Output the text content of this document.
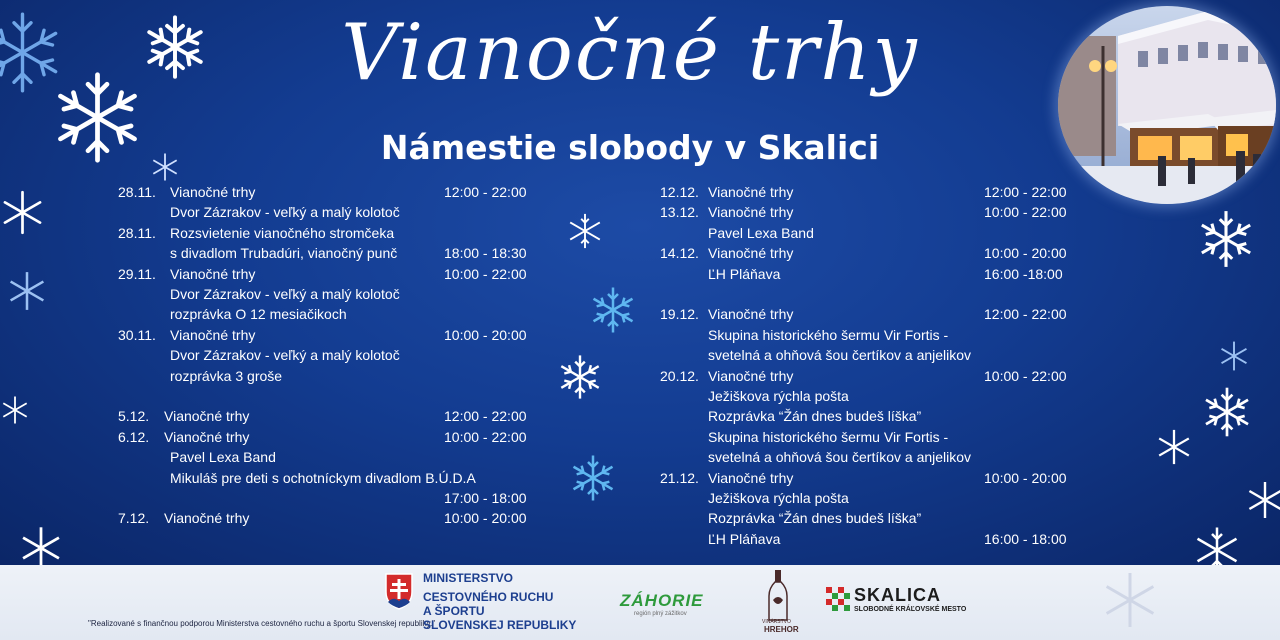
Vianočné trhy
Námestie slobody v Skalici
28.11. Vianočné trhy	12:00 - 22:00
Dvor Zázrakov - veľký a malý kolotoč
28.11. Rozsvietenie vianočného stromčeka
s divadlom Trubadúri, vianočný punč	18:00 - 18:30
29.11. Vianočné trhy	10:00 - 22:00
Dvor Zázrakov - veľký a malý kolotoč
rozprávka O 12 mesiačikoch
30.11. Vianočné trhy	10:00 - 20:00
Dvor Zázrakov - veľký a malý kolotoč
rozprávka 3 groše
5.12. Vianočné trhy	12:00 - 22:00
6.12. Vianočné trhy	10:00 - 22:00
Pavel Lexa Band
Mikuláš pre deti s ochotníckym divadlom B.Ú.D.A
17:00 - 18:00
7.12. Vianočné trhy	10:00 - 20:00
12.12. Vianočné trhy	12:00 - 22:00
13.12. Vianočné trhy	10:00 - 22:00
Pavel Lexa Band
14.12. Vianočné trhy	10:00 - 20:00
ĽH Pláňava	16:00 -18:00
19.12. Vianočné trhy	12:00 - 22:00
Skupina historického šermu Vir Fortis -
svetelná a ohňová šou čertíkov a anjelikov
20.12. Vianočné trhy	10:00 - 22:00
Ježiškova rýchla pošta
Rozprávka “Žán dnes budeš líška”
Skupina historického šermu Vir Fortis -
svetelná a ohňová šou čertíkov a anjelikov
21.12. Vianočné trhy	10:00 - 20:00
Ježiškova rýchla pošta
Rozprávka “Žán dnes budeš líška”
ĽH Pláňava	16:00 - 18:00
"Realizované s finančnou podporou Ministerstva cestovného ruchu a športu Slovenskej republiky."
MINISTERSTVO
CESTOVNÉHO RUCHU
A ŠPORTU
SLOVENSKEJ REPUBLIKY
ZÁHORIE
región plný zážitkov
VINÁRSTVO
HREHOR
SKALICA
SLOBODNÉ KRÁĽOVSKÉ MESTO
